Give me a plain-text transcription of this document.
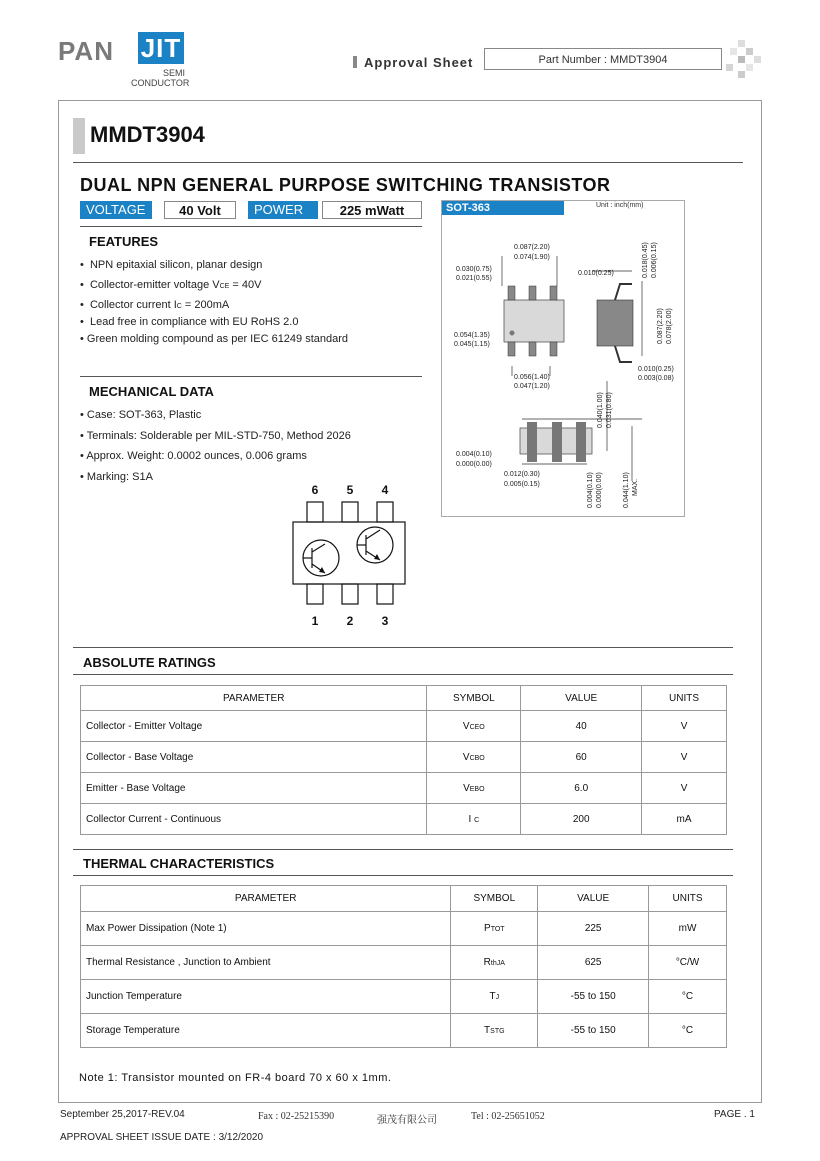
PAN JIT
SEMI
CONDUCTOR
Approval Sheet	Part Number : MMDT3904
MMDT3904
DUAL NPN GENERAL PURPOSE SWITCHING TRANSISTOR
VOLTAGE	40 Volt	POWER	225 mWatt
FEATURES
•  NPN epitaxial silicon, planar design
•  Collector-emitter voltage VCE = 40V
•  Collector current IC = 200mA
•  Lead free in compliance with EU RoHS 2.0
• Green molding compound as per IEC 61249 standard
MECHANICAL DATA
• Case: SOT-363, Plastic
• Terminals: Solderable per MIL-STD-750, Method 2026
• Approx. Weight: 0.0002 ounces, 0.006 grams
• Marking: S1A
6 5 4
1 2 3
SOT-363	Unit : inch(mm)
0.087(2.20)
0.074(1.90)
0.030(0.75)
0.021(0.55)
0.010(0.25)
0.054(1.35)
0.045(1.15)
0.056(1.40)
0.047(1.20)
0.010(0.25)
0.003(0.08)
0.004(0.10)
0.000(0.00)
0.012(0.30)
0.005(0.15)
0.018(0.45) 0.006(0.15)
0.087(2.20) 0.078(2.00)
0.040(1.00) 0.031(0.80)
0.004(0.10) 0.000(0.00)	0.044(1.10) MAX.
ABSOLUTE RATINGS
PARAMETER	SYMBOL	VALUE	UNITS
Collector - Emitter Voltage	VCEO	40	V
Collector - Base Voltage	VCBO	60	V
Emitter - Base Voltage	VEBO	6.0	V
Collector Current - Continuous	I C	200	mA
THERMAL CHARACTERISTICS
PARAMETER	SYMBOL	VALUE	UNITS
Max Power Dissipation (Note 1)	PTOT	225	mW
Thermal Resistance , Junction to Ambient	RthJA	625	°C/W
Junction Temperature	TJ	-55 to 150	°C
Storage Temperature	TSTG	-55 to 150	°C
Note 1: Transistor mounted on FR-4 board 70 x 60 x 1mm.
September 25,2017-REV.04	Fax : 02-25215390	强茂有限公司	Tel : 02-25651052	PAGE . 1
APPROVAL SHEET ISSUE DATE : 3/12/2020
